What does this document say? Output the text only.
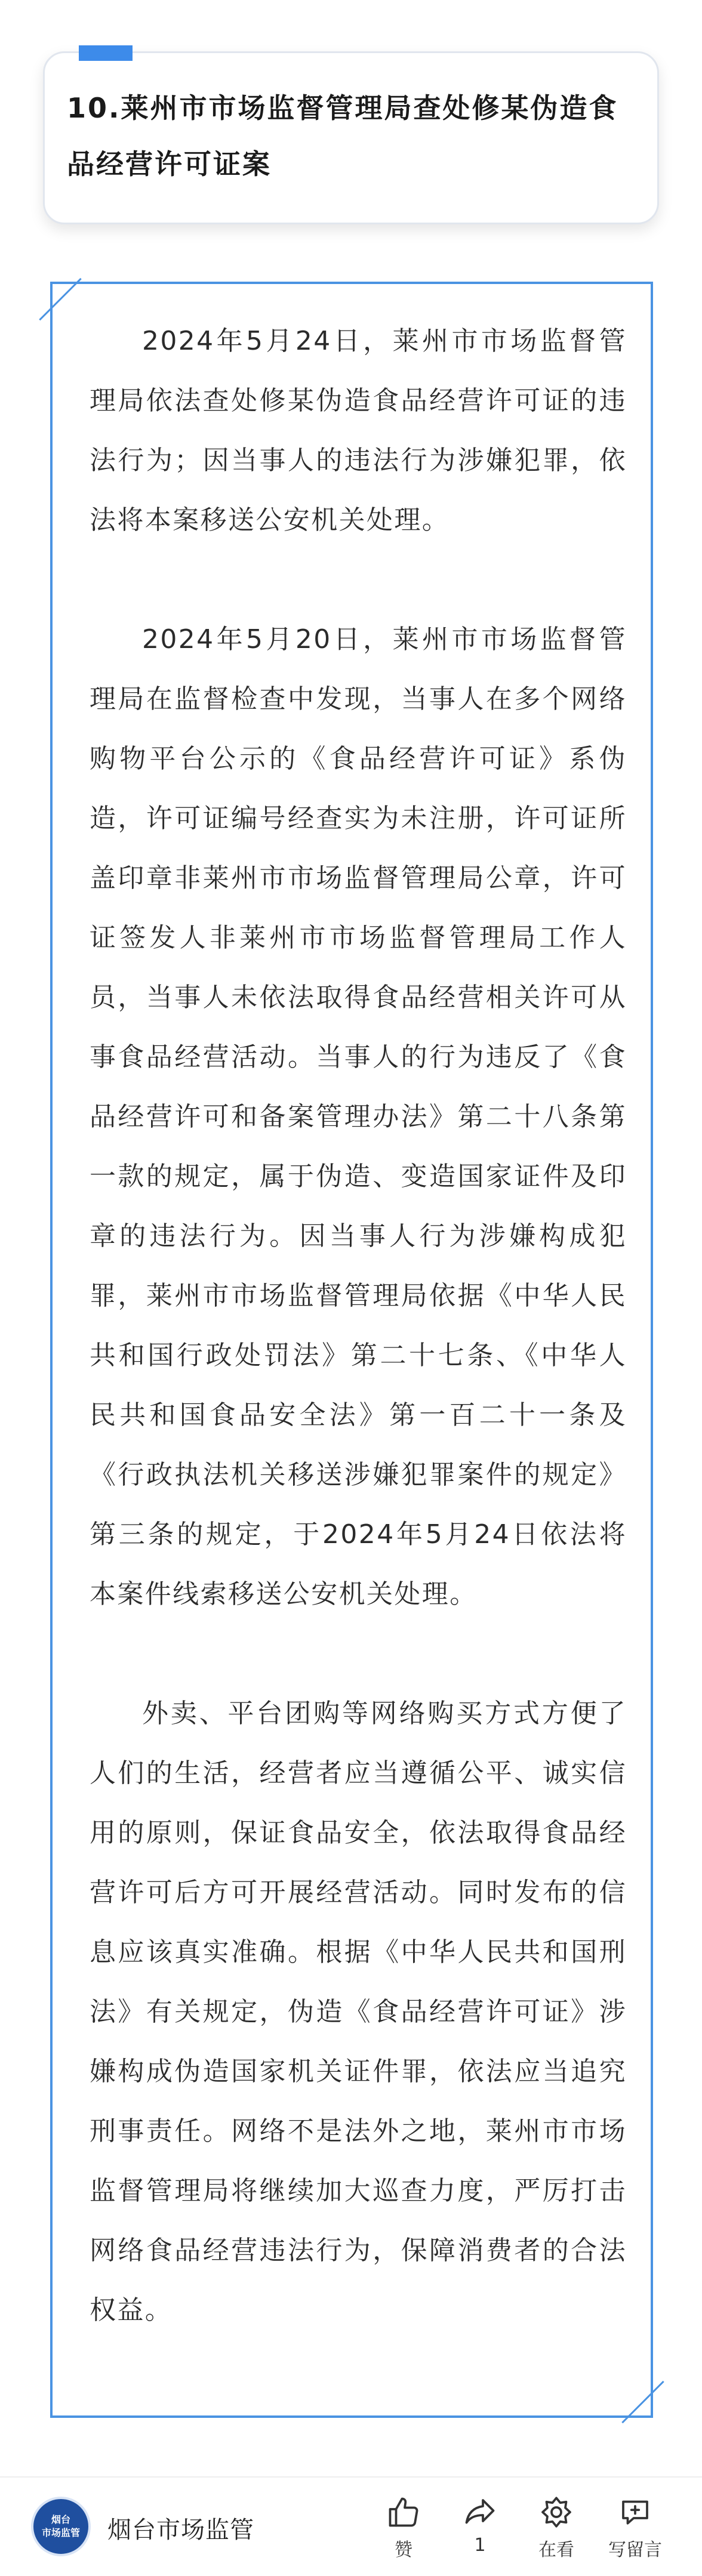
10.莱州市市场监督管理局查处修某伪造食品经营许可证案

2024年5月24日，莱州市市场监督管理局依法查处修某伪造食品经营许可证的违法行为；因当事人的违法行为涉嫌犯罪，依法将本案移送公安机关处理。

2024年5月20日，莱州市市场监督管理局在监督检查中发现，当事人在多个网络购物平台公示的《食品经营许可证》系伪造，许可证编号经查实为未注册，许可证所盖印章非莱州市市场监督管理局公章，许可证签发人非莱州市市场监督管理局工作人员，当事人未依法取得食品经营相关许可从事食品经营活动。当事人的行为违反了《食品经营许可和备案管理办法》第二十八条第一款的规定，属于伪造、变造国家证件及印章的违法行为。因当事人行为涉嫌构成犯罪，莱州市市场监督管理局依据《中华人民共和国行政处罚法》第二十七条、《中华人民共和国食品安全法》第一百二十一条及《行政执法机关移送涉嫌犯罪案件的规定》第三条的规定，于2024年5月24日依法将本案件线索移送公安机关处理。

外卖、平台团购等网络购买方式方便了人们的生活，经营者应当遵循公平、诚实信用的原则，保证食品安全，依法取得食品经营许可后方可开展经营活动。同时发布的信息应该真实准确。根据《中华人民共和国刑法》有关规定，伪造《食品经营许可证》涉嫌构成伪造国家机关证件罪，依法应当追究刑事责任。网络不是法外之地，莱州市市场监督管理局将继续加大巡查力度，严厉打击网络食品经营违法行为，保障消费者的合法权益。

烟台
市场监管 烟台市场监管
赞	1	在看 写留言
